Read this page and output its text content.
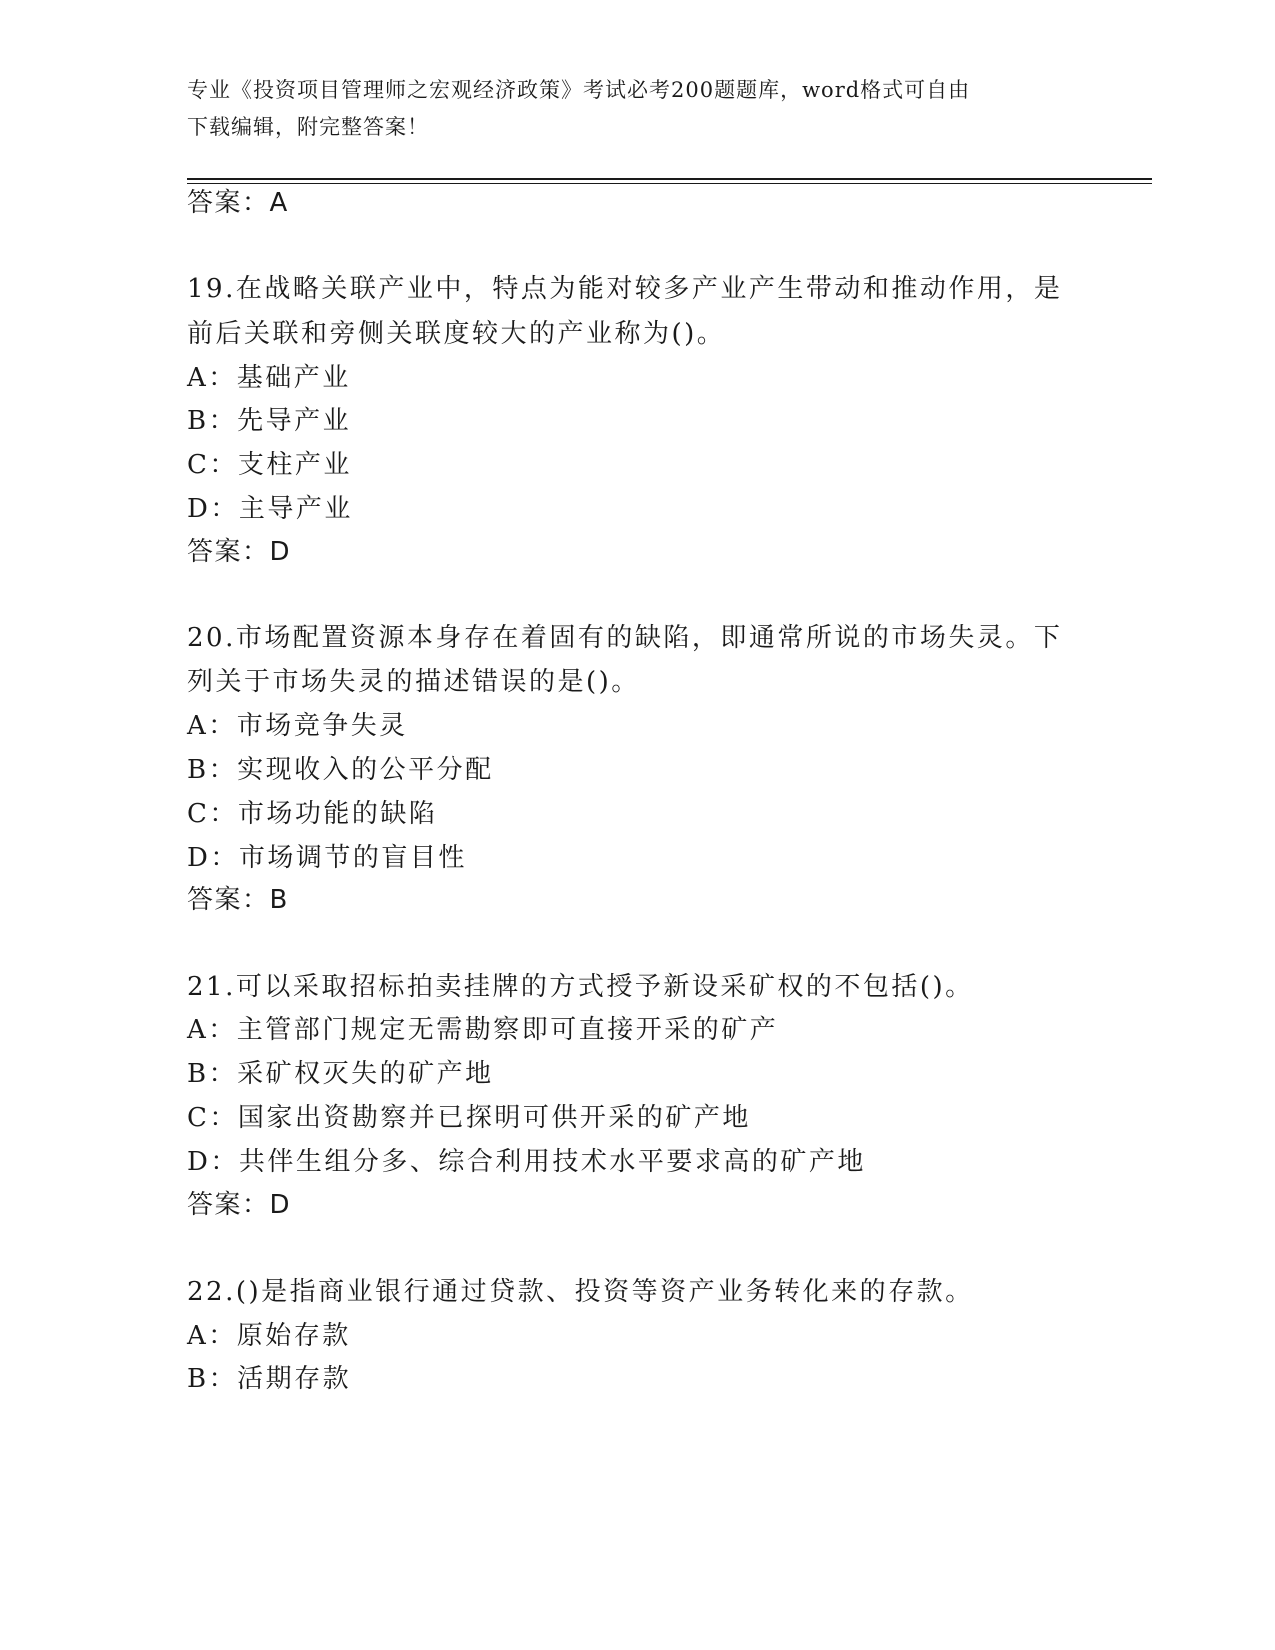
专业《投资项目管理师之宏观经济政策》考试必考200题题库，word格式可自由
下载编辑，附完整答案！
答案：A
19.在战略关联产业中，特点为能对较多产业产生带动和推动作用，是
前后关联和旁侧关联度较大的产业称为()。
A：基础产业
B：先导产业
C：支柱产业
D：主导产业
答案：D
20.市场配置资源本身存在着固有的缺陷，即通常所说的市场失灵。下
列关于市场失灵的描述错误的是()。
A：市场竞争失灵
B：实现收入的公平分配
C：市场功能的缺陷
D：市场调节的盲目性
答案：B
21.可以采取招标拍卖挂牌的方式授予新设采矿权的不包括()。
A：主管部门规定无需勘察即可直接开采的矿产
B：采矿权灭失的矿产地
C：国家出资勘察并已探明可供开采的矿产地
D：共伴生组分多、综合利用技术水平要求高的矿产地
答案：D
22.()是指商业银行通过贷款、投资等资产业务转化来的存款。
A：原始存款
B：活期存款
